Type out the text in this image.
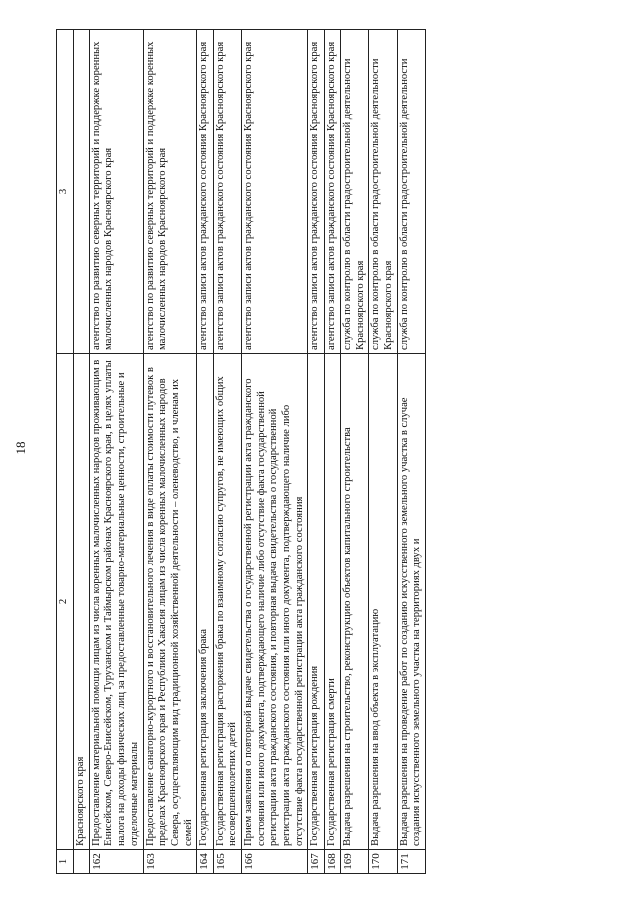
18
1	2	3
	Красноярского края	
162	Предоставление материальной помощи лицам из числа коренных малочисленных народов проживающим в Енисейском, Северо-Енисейском, Туруханском и Таймырском районах Красноярского края, в целях уплаты налога на доходы физических лиц за предоставленные товарно-материальные ценности, строительные и отделочные материалы	агентство по развитию северных территорий и поддержке коренных малочисленных народов Красноярского края
163	Предоставление санаторно-курортного и восстановительного лечения в виде оплаты стоимости путевок в пределах Красноярского края и Республики Хакасия лицам из числа коренных малочисленных народов Севера, осуществляющим вид традиционной хозяйственной деятельности – оленеводство, и членам их семей	агентство по развитию северных территорий и поддержке коренных малочисленных народов Красноярского края
164	Государственная регистрация заключения брака	агентство записи актов гражданского состояния Красноярского края
165	Государственная регистрация расторжения брака по взаимному согласию супругов, не имеющих общих несовершеннолетних детей	агентство записи актов гражданского состояния Красноярского края
166	Прием заявления о повторной выдаче свидетельства о государственной регистрации акта гражданского состояния или иного документа, подтверждающего наличие либо отсутствие факта государственной регистрации акта гражданского состояния, и повторная выдача свидетельства о государственной регистрации акта гражданского состояния или иного документа, подтверждающего наличие либо отсутствие факта государственной регистрации акта гражданского состояния	агентство записи актов гражданского состояния Красноярского края
167	Государственная регистрация рождения	агентство записи актов гражданского состояния Красноярского края
168	Государственная регистрация смерти	агентство записи актов гражданского состояния Красноярского края
169	Выдача разрешения на строительство, реконструкцию объектов капитального строительства	служба по контролю в области градостроительной деятельности Красноярского края
170	Выдача разрешения на ввод объекта в эксплуатацию	служба по контролю в области градостроительной деятельности Красноярского края
171	Выдача разрешения на проведение работ по созданию искусственного земельного участка в случае создания искусственного земельного участка на территориях двух и	служба по контролю в области градостроительной деятельности
